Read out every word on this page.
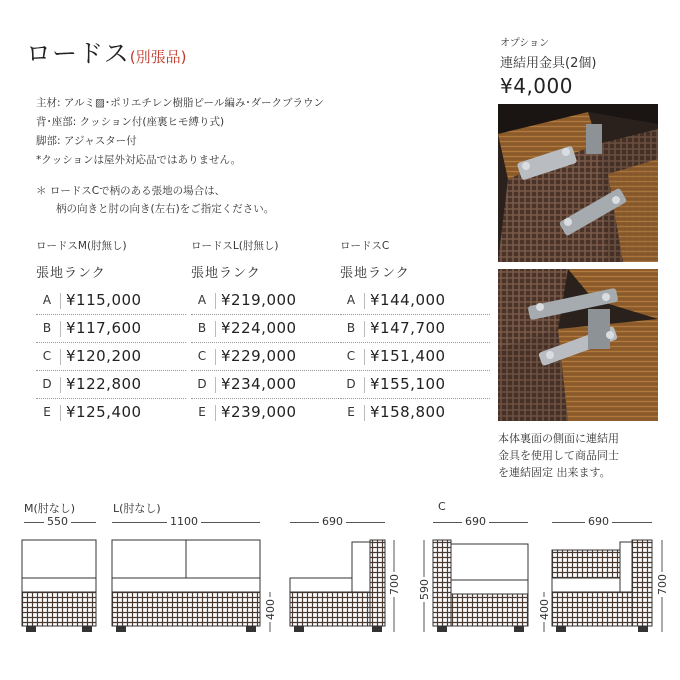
ロードス(別張品)
主材: アルミ▨･ポリエチレン樹脂ピール編み･ダークブラウン
背･座部: クッション付(座裏ヒモ縛り式)
脚部: アジャスター付
*クッションは屋外対応品ではありません。
＊ ロードスCで柄のある張地の場合は、
柄の向きと肘の向き(左右)をご指定ください。
ロードスM(肘無し)
張地ランク
A ¥115,000
B ¥117,600
C ¥120,200
D ¥122,800
E	¥125,400
ロードスL(肘無し)
張地ランク
A ¥219,000
B ¥224,000
C ¥229,000
D ¥234,000
E	¥239,000
ロードスC
張地ランク
A ¥144,000
B ¥147,700
C ¥151,400
D ¥155,100
E	¥158,800
オプション
連結用金具(2個)
¥4,000
本体裏面の側面に連結用
金具を使用して商品同士
を連結固定 出来ます。
M(肘なし)	L(肘なし)	C
550	1100	690	690	690
400
700 590
400
700
